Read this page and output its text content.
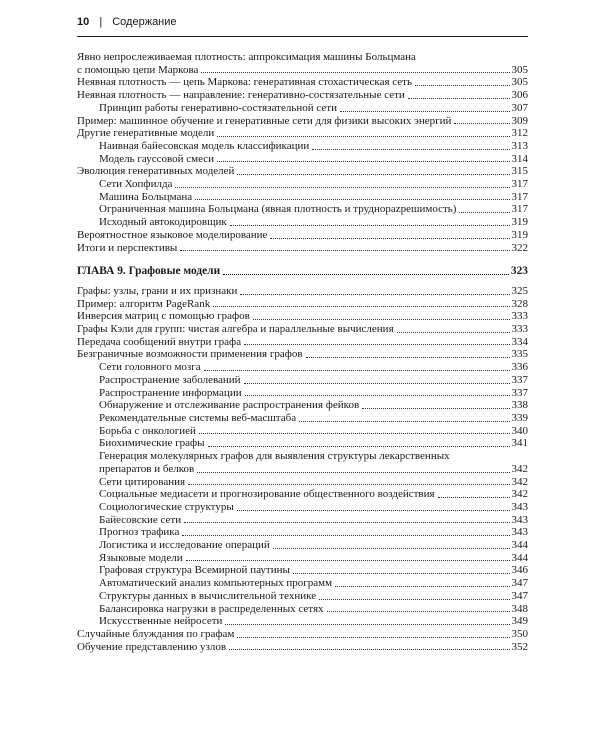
10 | Содержание
Явно непрослеживаемая плотность: аппроксимация машины Больцмана
с помощью цепи Маркова	305
Неявная плотность — цепь Маркова: генеративная стохастическая сеть	305
Неявная плотность — направление: генеративно-состязательные сети	306
Принцип работы генеративно-состязательной сети	307
Пример: машинное обучение и генеративные сети для физики высоких энергий	309
Другие генеративные модели	312
Наивная байесовская модель классификации	313
Модель гауссовой смеси	314
Эволюция генеративных моделей	315
Сети Хопфилда	317
Машина Больцмана	317
Ограниченная машина Больцмана (явная плотность и труднорazрешимость)	317
Исходный автокодировщик	319
Вероятностное языковое моделирование	319
Итоги и перспективы	322
ГЛАВА 9. Графовые модели	323
Графы: узлы, грани и их признаки	325
Пример: алгоритм PageRank	328
Инверсия матриц с помощью графов	333
Графы Кэли для групп: чистая алгебра и параллельные вычисления	333
Передача сообщений внутри графа	334
Безграничные возможности применения графов	335
Сети головного мозга	336
Распространение заболеваний	337
Распространение информации	337
Обнаружение и отслеживание распространения фейков	338
Рекомендательные системы веб-масштаба	339
Борьба с онкологией	340
Биохимические графы	341
Генерация молекулярных графов для выявления структуры лекарственных
препаратов и белков	342
Сети цитирования	342
Социальные медиасети и прогнозирование общественного воздействия	342
Социологические структуры	343
Байесовские сети	343
Прогноз трафика	343
Логистика и исследование операций	344
Языковые модели	344
Графовая структура Всемирной паутины	346
Автоматический анализ компьютерных программ	347
Структуры данных в вычислительной технике	347
Балансировка нагрузки в распределенных сетях	348
Искусственные нейросети	349
Случайные блуждания по графам	350
Обучение представлению узлов	352
